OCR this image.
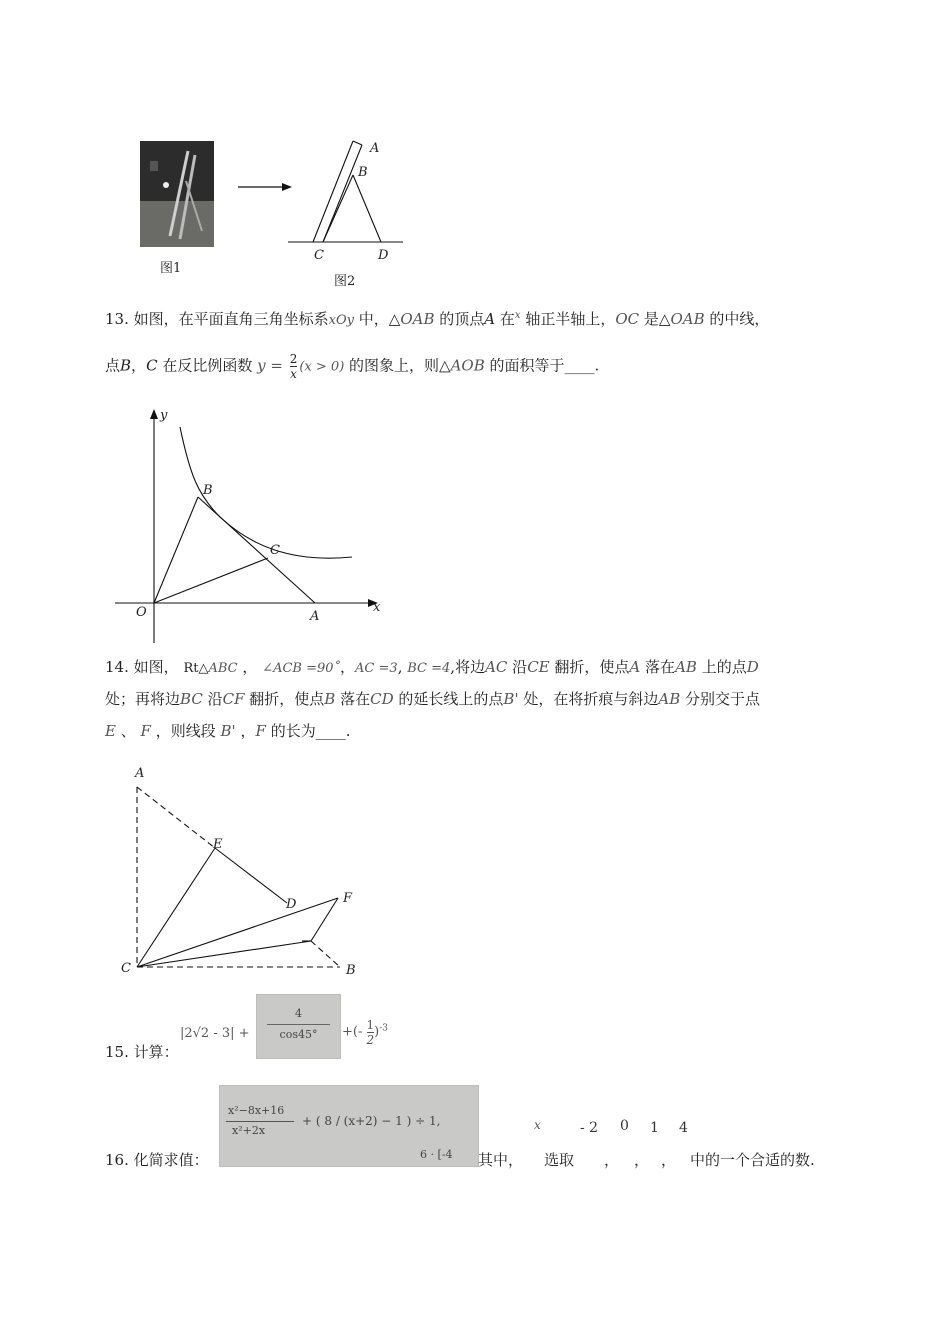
图1
A
B
C	D
图2
13. 如图，在平面直角三角坐标系xOy 中，△OAB 的顶点A 在$^x$ 轴正半轴上，OC 是△OAB 的中线，
点B，C 在反比例函数 $y = \frac{2}{x} (x > 0)$ 的图象上，则△AOB 的面积等于____.
y
x
O	A
B
C
14. 如图， Rt△ABC ， ∠ACB =90˚，AC =3, BC =4,将边AC 沿CE 翻折，使点A 落在AB 上的点D
处；再将边BC 沿CF 翻折，使点B 落在CD 的延长线上的点B' 处，在将折痕与斜边AB 分别交于点
E 、 F ，则线段 B' ，F 的长为____.
A
E
D	F
C	B
15. 计算：
|2√2 - 3| +
4
cos45°	+(- $\frac{1}{2} )^{-3}$
16. 化简求值：
x²−8x+16
x²+2x
+ ( 8 / (x+2) − 1 ) ÷ 1,
6 · [-4
x	- 2 0 1 4
其中， 选取 ， ， ， 中的一个合适的数.
